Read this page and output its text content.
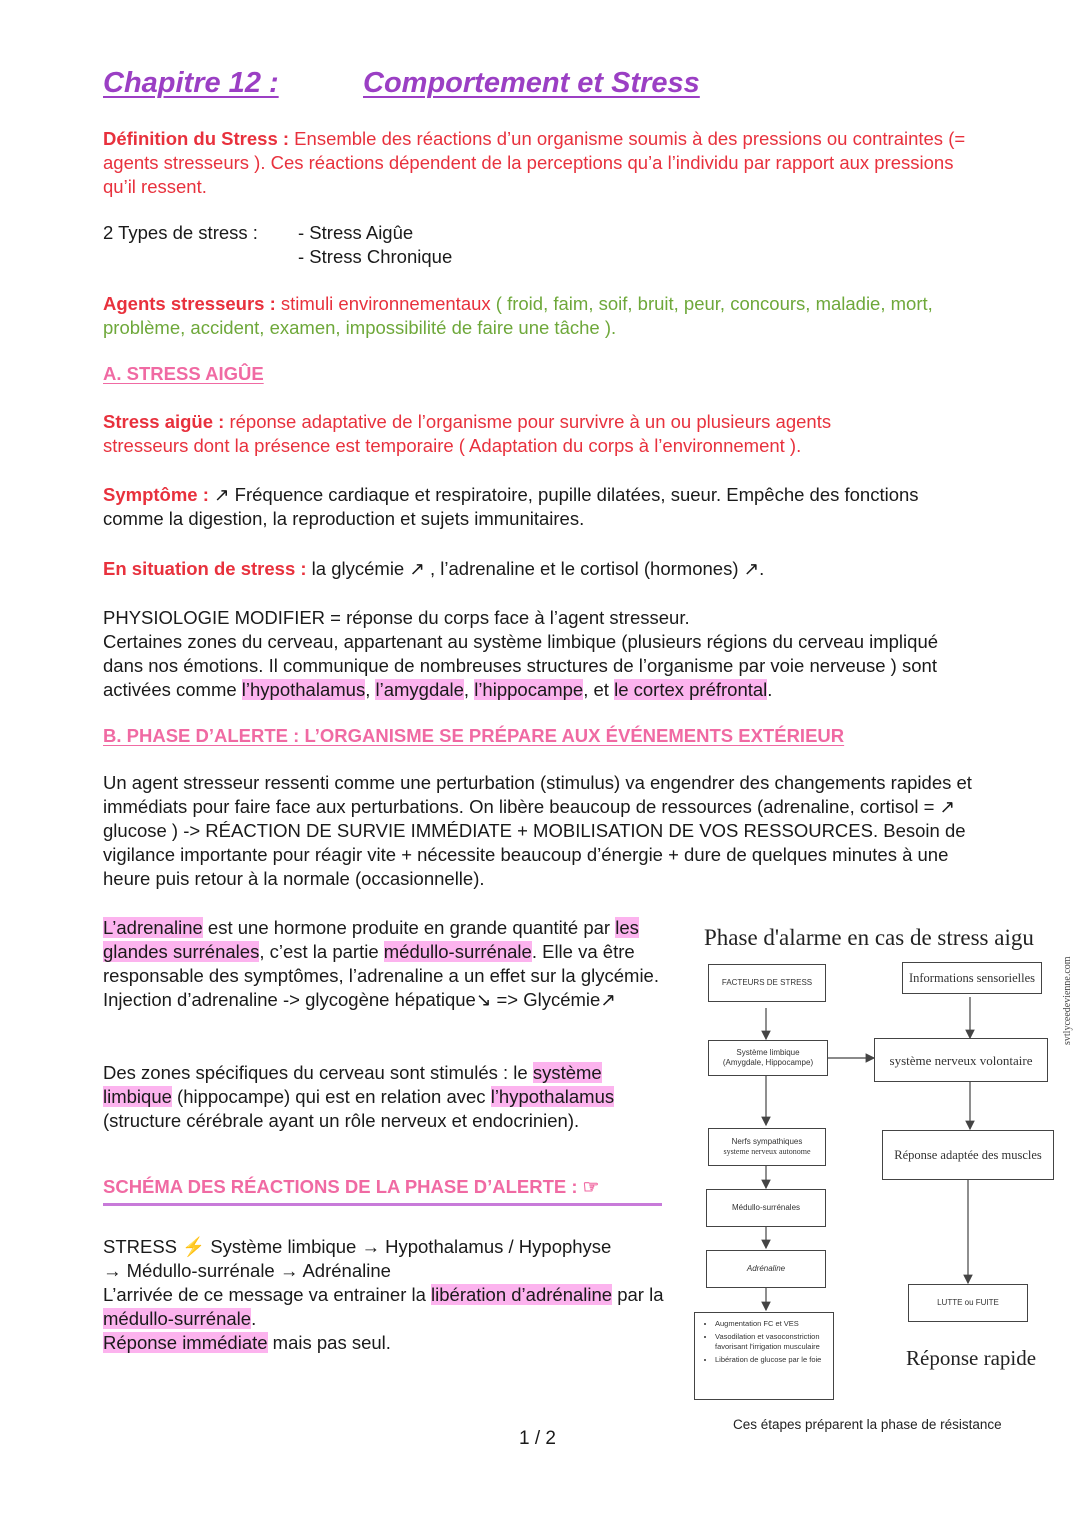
Chapitre 12 :	Comportement et Stress
Définition du Stress : Ensemble des réactions d’un organisme soumis à des pressions ou contraintes (= agents stresseurs ). Ces réactions dépendent de la perceptions qu’a l’individu par rapport aux pressions qu’il ressent.
2 Types de stress : - Stress Aigûe
- Stress Chronique
Agents stresseurs : stimuli environnementaux ( froid, faim, soif, bruit, peur, concours, maladie, mort, problème, accident, examen, impossibilité de faire une tâche ).
A. STRESS AIGÛE
Stress aigüe : réponse adaptative de l’organisme pour survivre à un ou plusieurs agents stresseurs dont la présence est temporaire ( Adaptation du corps à l’environnement ).
Symptôme : ↗ Fréquence cardiaque et respiratoire, pupille dilatées, sueur. Empêche des fonctions comme la digestion, la reproduction et sujets immunitaires.
En situation de stress : la glycémie ↗ , l’adrenaline et le cortisol (hormones) ↗.
PHYSIOLOGIE MODIFIER = réponse du corps face à l’agent stresseur.
Certaines zones du cerveau, appartenant au système limbique (plusieurs régions du cerveau impliqué dans nos émotions. Il communique de nombreuses structures de l’organisme par voie nerveuse ) sont activées comme l’hypothalamus, l’amygdale, l’hippocampe, et le cortex préfrontal.
B. PHASE D’ALERTE : L’ORGANISME SE PRÉPARE AUX ÉVÉNEMENTS EXTÉRIEUR
Un agent stresseur ressenti comme une perturbation (stimulus) va engendrer des changements rapides et immédiats pour faire face aux perturbations. On libère beaucoup de ressources (adrenaline, cortisol = ↗ glucose ) -> RÉACTION DE SURVIE IMMÉDIATE + MOBILISATION DE VOS RESSOURCES. Besoin de vigilance importante pour réagir vite + nécessite beaucoup d’énergie + dure de quelques minutes à une heure puis retour à la normale (occasionnelle).
L’adrenaline est une hormone produite en grande quantité par les glandes surrénales, c’est la partie médullo-surrénale. Elle va être responsable des symptômes, l’adrenaline a un effet sur la glycémie.
Injection d’adrenaline -> glycogène hépatique↘ => Glycémie↗
Des zones spécifiques du cerveau sont stimulés : le système limbique (hippocampe) qui est en relation avec l’hypothalamus (structure cérébrale ayant un rôle nerveux et endocrinien).
SCHÉMA DES RÉACTIONS DE LA PHASE D’ALERTE : ☞
STRESS ⚡ Système limbique → Hypothalamus / Hypophyse
→ Médullo-surrénale → Adrénaline
L’arrivée de ce message va entrainer la libération d’adrénaline par la médullo-surrénale.
Réponse immédiate mais pas seul.
Phase d'alarme en cas de stress aigu
FACTEURS DE STRESS	Informations sensorielles
Système limbique
(Amygdale, Hippocampe)	système nerveux volontaire
Nerfs sympathiques
systeme nerveux autonome	Réponse adaptée des muscles
Médullo-surrénales
Adrénaline
LUTTE ou FUITE
• Augmentation FC et VES
• Vasodilation et vasoconstriction favorisant l'irrigation musculaire
• Libération de glucose par le foie	Réponse rapide
Ces étapes préparent la phase de résistance
svtlyceedevienne.com
1 / 2
